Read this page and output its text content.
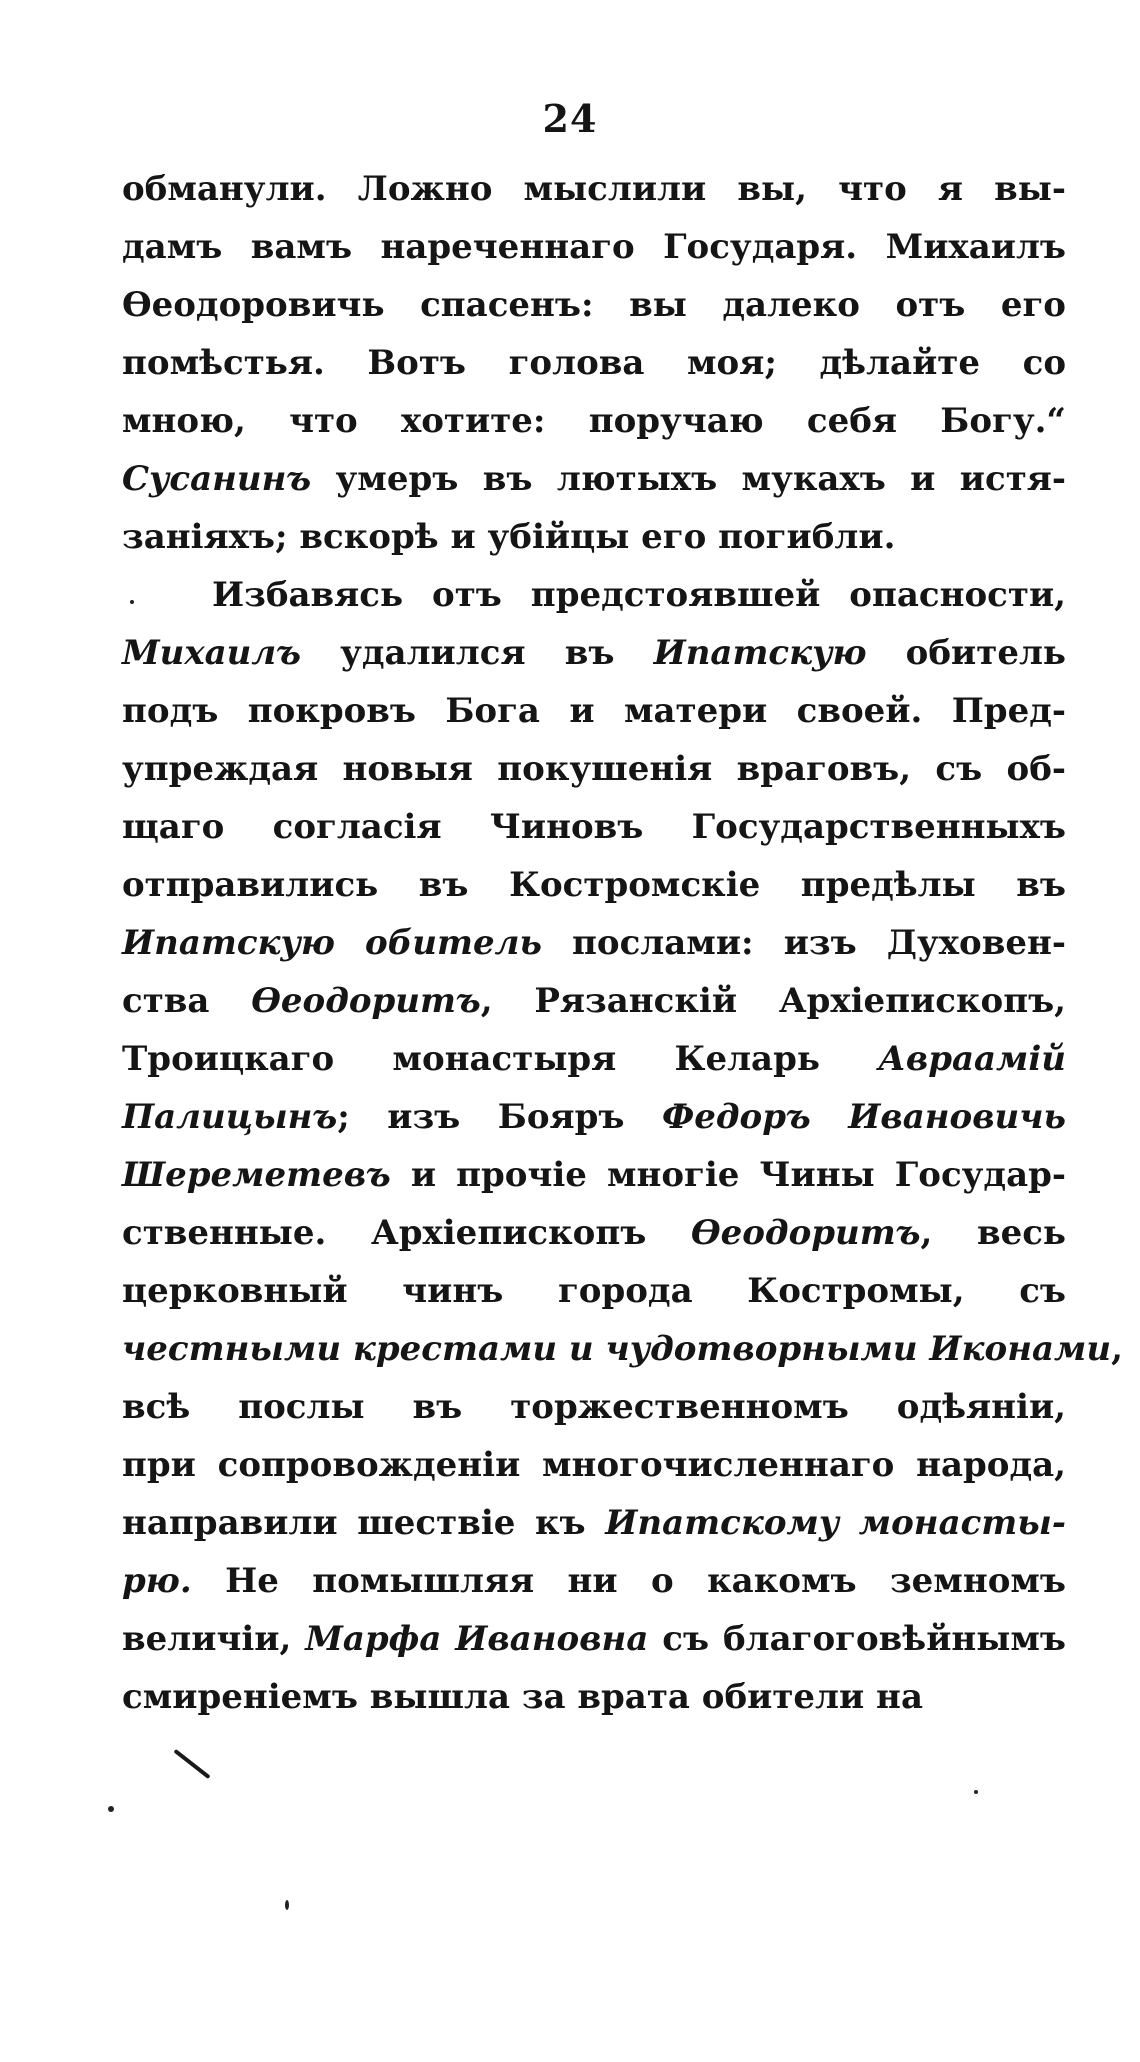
24
обманули. Ложно мыслили вы, что я вы-
дамъ вамъ нареченнаго Государя. Михаилъ
Ѳеодоровичь спасенъ: вы далеко отъ его
помѣстья. Вотъ голова моя; дѣлайте со
мною, что хотите: поручаю себя Богу.“
Сусанинъ умеръ въ лютыхъ мукахъ и истя-
заніяхъ; вскорѣ и убійцы его погибли.
Избавясь отъ предстоявшей опасности,
Михаилъ удалился въ Ипатскую обитель
подъ покровъ Бога и матери своей. Пред-
упреждая новыя покушенія враговъ, съ об-
щаго согласія Чиновъ Государственныхъ
отправились въ Костромскіе предѣлы въ
Ипатскую обитель послами: изъ Духовен-
ства Ѳеодоритъ, Рязанскій Архіепископъ,
Троицкаго монастыря Келарь Авраамій
Палицынъ; изъ Бояръ Федоръ Ивановичь
Шереметевъ и прочіе многіе Чины Государ-
ственные. Архіепископъ Ѳеодоритъ, весь
церковный чинъ города Костромы, съ
честными крестами и чудотворными Иконами,
всѣ послы въ торжественномъ одѣяніи,
при сопровожденіи многочисленнаго народа,
направили шествіе къ Ипатскому монасты-
рю. Не помышляя ни о какомъ земномъ
величіи, Марфа Ивановна съ благоговѣйнымъ
смиреніемъ вышла за врата обители на
